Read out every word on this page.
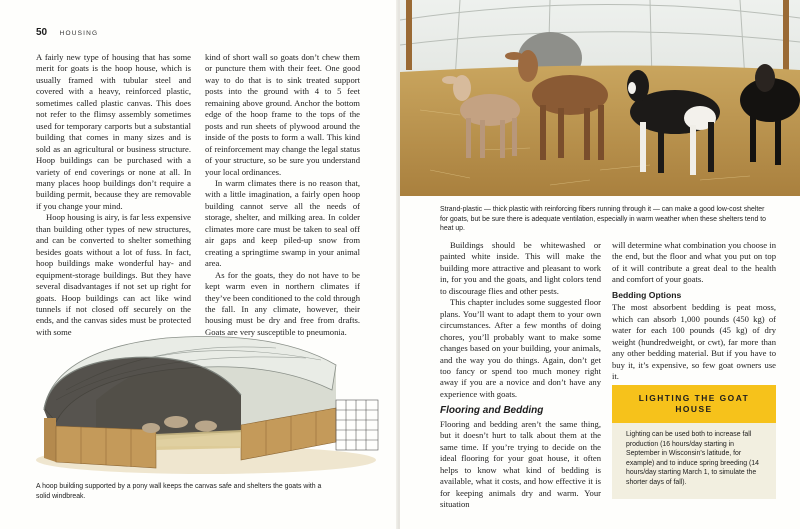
50 HOUSING

A fairly new type of housing that has some merit for goats is the hoop house, which is usually framed with tubular steel and covered with a heavy, reinforced plastic, sometimes called plastic canvas. This does not refer to the flimsy assembly sometimes used for temporary carports but a substantial building that comes in many sizes and is sold as an agricultural or business structure. Hoop buildings can be purchased with a variety of end coverings or none at all. In many places hoop buildings don’t require a building permit, because they are removable if you change your mind.

Hoop housing is airy, is far less expensive than building other types of new structures, and can be converted to shelter something besides goats without a lot of fuss. In fact, hoop buildings make wonderful hay- and equipment-storage buildings. But they have several disadvantages if not set up right for goats. Hoop buildings can act like wind tunnels if not closed off securely on the ends, and the canvas sides must be protected with some

kind of short wall so goats don’t chew them or puncture them with their feet. One good way to do that is to sink treated support posts into the ground with 4 to 5 feet remaining above ground. Anchor the bottom edge of the hoop frame to the tops of the posts and run sheets of plywood around the inside of the posts to form a wall. This kind of reinforcement may change the legal status of your structure, so be sure you understand your local ordinances.

In warm climates there is no reason that, with a little imagination, a fairly open hoop building cannot serve all the needs of storage, shelter, and milking area. In colder climates more care must be taken to seal off air gaps and keep piled-up snow from creating a springtime swamp in your animal area.

As for the goats, they do not have to be kept warm even in northern climates if they’ve been conditioned to the cold through the fall. In any climate, however, their housing must be dry and free from drafts. Goats are very susceptible to pneumonia.

A hoop building supported by a pony wall keeps the canvas safe and shelters the goats with a solid windbreak.
Strand-plastic — thick plastic with reinforcing fibers running through it — can make a good low-cost shelter for goats, but be sure there is adequate ventilation, especially in warm weather when these shelters tend to heat up.

Buildings should be whitewashed or painted white inside. This will make the building more attractive and pleasant to work in, for you and the goats, and light colors tend to discourage flies and other pests.

This chapter includes some suggested floor plans. You’ll want to adapt them to your own circumstances. After a few months of doing chores, you’ll probably want to make some changes based on your building, your animals, and the way you do things. Again, don’t get too fancy or spend too much money right away if you are a novice and don’t have any experience with goats.

Flooring and Bedding

Flooring and bedding aren’t the same thing, but it doesn’t hurt to talk about them at the same time. If you’re trying to decide on the ideal flooring for your goat house, it often helps to know what kind of bedding is available, what it costs, and how effective it is for keeping animals dry and warm. Your situation

will determine what combination you choose in the end, but the floor and what you put on top of it will contribute a great deal to the health and comfort of your goats.

Bedding Options

The most absorbent bedding is peat moss, which can absorb 1,000 pounds (450 kg) of water for each 100 pounds (45 kg) of dry weight (hundredweight, or cwt), far more than any other bedding material. But if you have to buy it, it’s expensive, so few goat owners use it.

LIGHTING THE GOAT
HOUSE
Lighting can be used both to increase fall production (16 hours/day starting in September in Wisconsin’s latitude, for example) and to induce spring breeding (14 hours/day starting March 1, to simulate the shorter days of fall).
